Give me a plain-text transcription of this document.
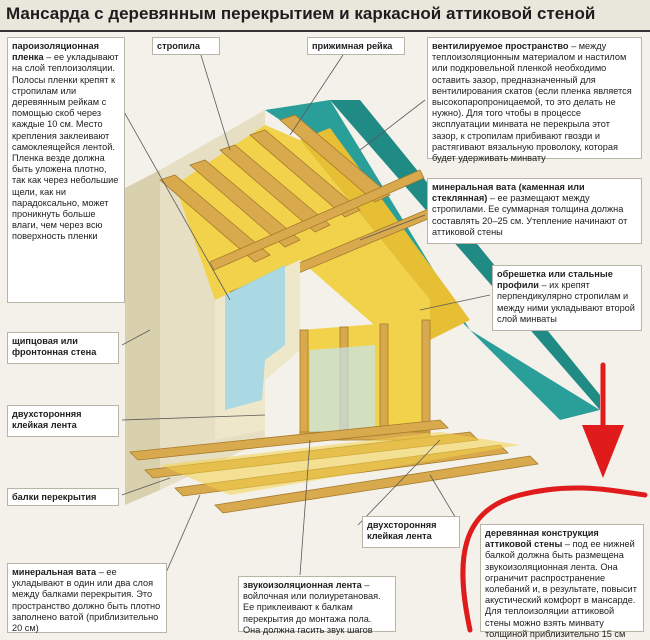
Мансарда с деревянным перекрытием и каркасной аттиковой стеной
пароизоляционная пленка – ее укладывают на слой теплоизоляции. Полосы пленки крепят к стропилам или деревянным рейкам с помощью скоб через каждые 10 см. Место крепления заклеивают самоклеящейся лентой. Пленка везде должна быть уложена плотно, так как через небольшие щели, как ни парадоксально, может проникнуть больше влаги, чем через всю поверхность пленки
стропила	прижимная рейка	вентилируемое пространство – между теплоизоляционным материалом и настилом или подкровельной пленкой необходимо оставить зазор, предназначенный для вентилирования скатов (если пленка является высокопаропроницаемой, то это делать не нужно). Для того чтобы в процессе эксплуатации минвата не перекрыла этот зазор, к стропилам прибивают гвозди и растягивают вязальную проволоку, которая будет удерживать минвату
минеральная вата (каменная или стеклянная) – ее размещают между стропилами. Ее суммарная толщина должна составлять 20–25 см. Утепление начинают от аттиковой стены
обрешетка или стальные профили – их крепят перпендикулярно стропилам и между ними укладывают второй слой минваты
щипцовая или фронтонная стена
двухсторонняя клейкая лента
балки перекрытия
двухсторонняя клейкая лента	деревянная конструкция аттиковой стены – под ее нижней балкой должна быть размещена звукоизоляционная лента. Она ограничит распространение колебаний и, в результате, повысит акустический комфорт в мансарде. Для теплоизоляции аттиковой стены можно взять минвату толщиной приблизительно 15 см
минеральная вата – ее укладывают в один или два слоя между балками перекрытия. Это пространство должно быть плотно заполнено ватой (приблизительно 20 см)
звукоизоляционная лента – войлочная или полиуретановая. Ее приклеивают к балкам перекрытия до монтажа пола. Она должна гасить звук шагов
